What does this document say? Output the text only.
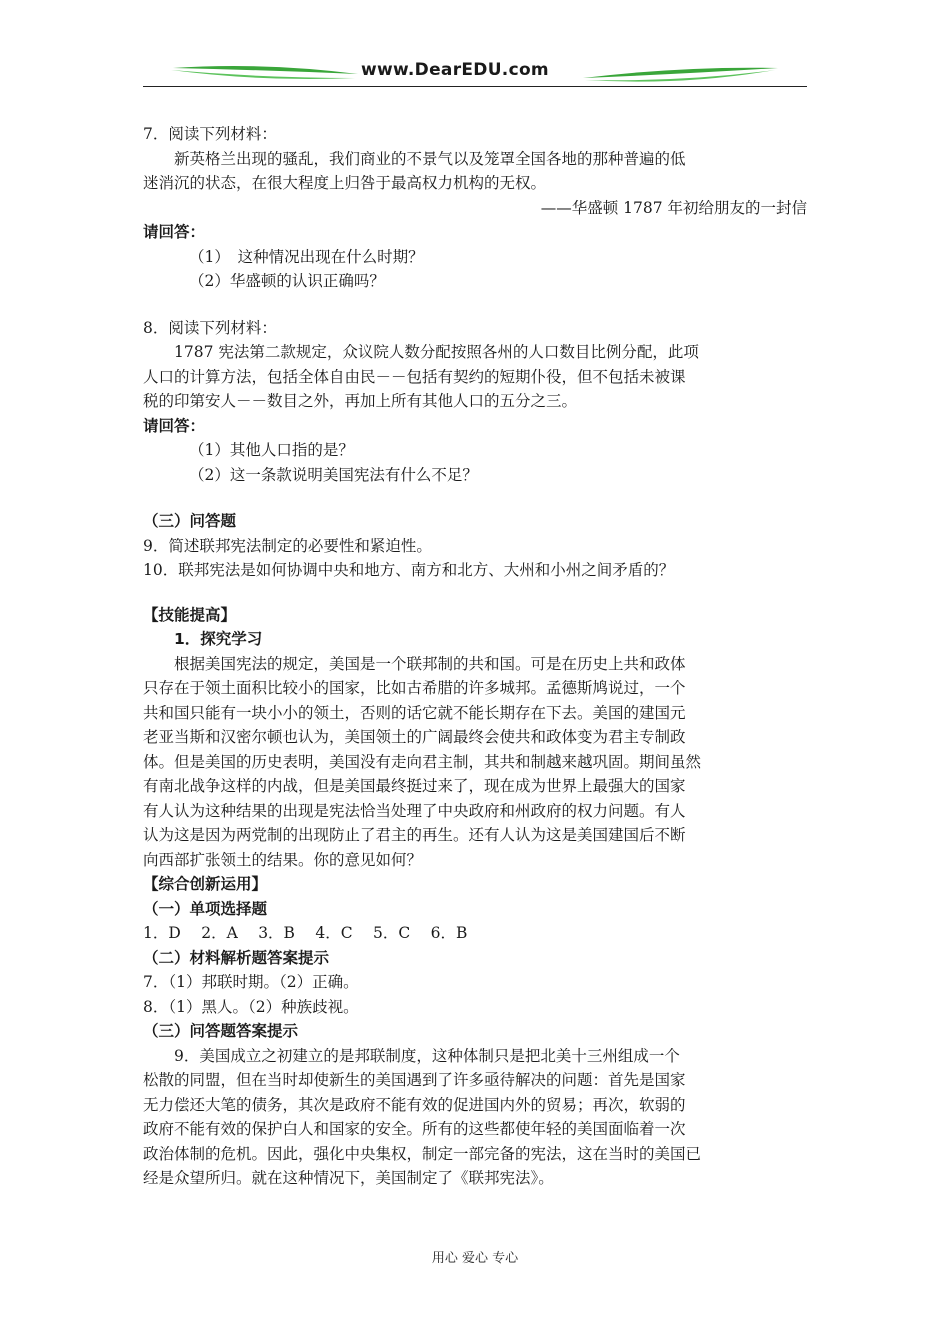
www.DearEDU.com
7．阅读下列材料：
新英格兰出现的骚乱，我们商业的不景气以及笼罩全国各地的那种普遍的低
迷消沉的状态，在很大程度上归咎于最高权力机构的无权。
——华盛顿 1787 年初给朋友的一封信
请回答：
（1）　这种情况出现在什么时期？
（2）华盛顿的认识正确吗？
8．阅读下列材料：
1787 宪法第二款规定，众议院人数分配按照各州的人口数目比例分配，此项
人口的计算方法，包括全体自由民－－包括有契约的短期仆役，但不包括未被课
税的印第安人－－数目之外，再加上所有其他人口的五分之三。
请回答：
（1）其他人口指的是？
（2）这一条款说明美国宪法有什么不足？
（三）问答题
9．简述联邦宪法制定的必要性和紧迫性。
10．联邦宪法是如何协调中央和地方、南方和北方、大州和小州之间矛盾的？
【技能提高】
1．探究学习
根据美国宪法的规定，美国是一个联邦制的共和国。可是在历史上共和政体
只存在于领土面积比较小的国家，比如古希腊的许多城邦。孟德斯鸠说过，一个
共和国只能有一块小小的领土，否则的话它就不能长期存在下去。美国的建国元
老亚当斯和汉密尔顿也认为，美国领土的广阔最终会使共和政体变为君主专制政
体。但是美国的历史表明，美国没有走向君主制，其共和制越来越巩固。期间虽然
有南北战争这样的内战，但是美国最终挺过来了，现在成为世界上最强大的国家
有人认为这种结果的出现是宪法恰当处理了中央政府和州政府的权力问题。有人
认为这是因为两党制的出现防止了君主的再生。还有人认为这是美国建国后不断
向西部扩张领土的结果。你的意见如何？
【综合创新运用】
（一）单项选择题
1．D　 2．A　 3．B　 4．C　 5．C　 6．B
（二）材料解析题答案提示
7．（1）邦联时期。（2）正确。
8．（1）黑人。（2）种族歧视。
（三）问答题答案提示
9．美国成立之初建立的是邦联制度，这种体制只是把北美十三州组成一个
松散的同盟，但在当时却使新生的美国遇到了许多亟待解决的问题：首先是国家
无力偿还大笔的债务，其次是政府不能有效的促进国内外的贸易；再次，软弱的
政府不能有效的保护白人和国家的安全。所有的这些都使年轻的美国面临着一次
政治体制的危机。因此，强化中央集权，制定一部完备的宪法，这在当时的美国已
经是众望所归。就在这种情况下，美国制定了《联邦宪法》。
用心 爱心 专心
